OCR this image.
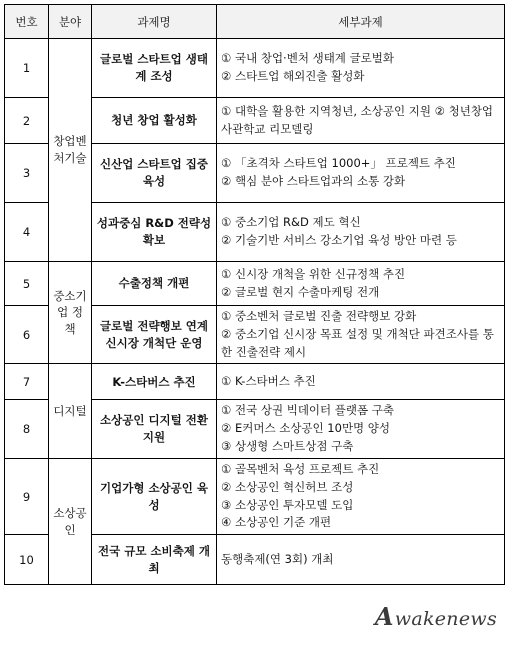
번호	분야	과제명	세부과제
1	창업벤처기술	글로벌 스타트업 생태계 조성	① 국내 창업·벤처 생태계 글로벌화
② 스타트업 해외진출 활성화

2		청년 창업 활성화	① 대학을 활용한 지역청년, 소상공인 지원 ② 청년창업사관학교 리모델링

3		신산업 스타트업 집중 육성	① 「초격차 스타트업 1000+」 프로젝트 추진
② 핵심 분야 스타트업과의 소통 강화

4		성과중심 R&D 전략성 확보	① 중소기업 R&D 제도 혁신
② 기술기반 서비스 강소기업 육성 방안 마련 등

5	중소기업 정책	수출정책 개편	① 신시장 개척을 위한 신규정책 추진
② 글로벌 현지 수출마케팅 전개

6		글로벌 전략행보 연계 신시장 개척단 운영	① 중소벤처 글로벌 진출 전략행보 강화
② 중소기업 신시장 목표 설정 및 개척단 파견조사를 통한 진출전략 제시

7	디지털	K-스타버스 추진	① K-스타버스 추진

8		소상공인 디지털 전환 지원	① 전국 상권 빅데이터 플랫폼 구축
② E커머스 소상공인 10만명 양성
③ 상생형 스마트상점 구축

9	소상공인	기업가형 소상공인 육성	① 골목벤처 육성 프로젝트 추진
② 소상공인 혁신허브 조성
③ 소상공인 투자모델 도입
④ 소상공인 기준 개편

10		전국 규모 소비축제 개최	동행축제(연 3회) 개최
Awakenews
